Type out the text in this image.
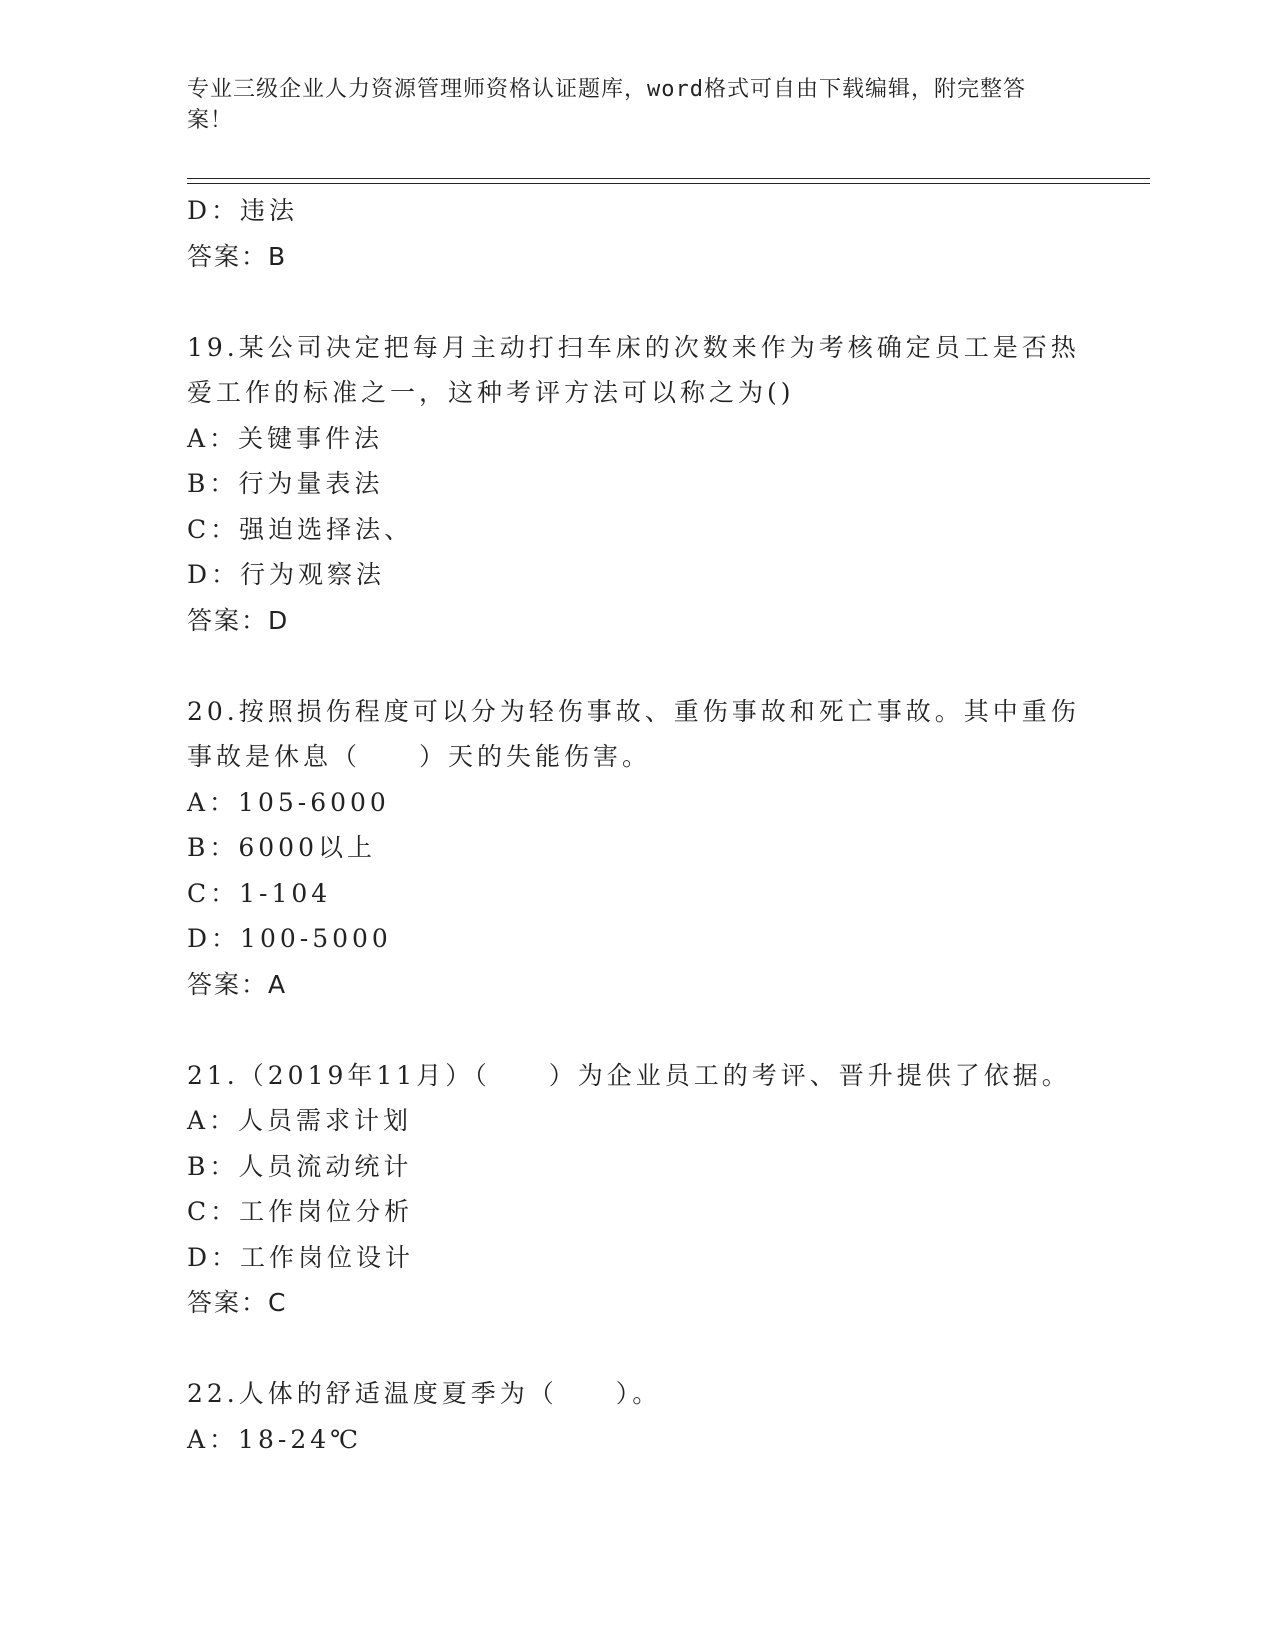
专业三级企业人力资源管理师资格认证题库，word格式可自由下载编辑，附完整答案！
D：违法
答案：B
19.某公司决定把每月主动打扫车床的次数来作为考核确定员工是否热爱工作的标准之一，这种考评方法可以称之为()
A：关键事件法
B：行为量表法
C：强迫选择法、
D：行为观察法
答案：D
20.按照损伤程度可以分为轻伤事故、重伤事故和死亡事故。其中重伤事故是休息（　　）天的失能伤害。
A：105-6000
B：6000以上
C：1-104
D：100-5000
答案：A
21.（2019年11月）（　　）为企业员工的考评、晋升提供了依据。
A：人员需求计划
B：人员流动统计
C：工作岗位分析
D：工作岗位设计
答案：C
22.人体的舒适温度夏季为（　　）。
A：18-24℃
